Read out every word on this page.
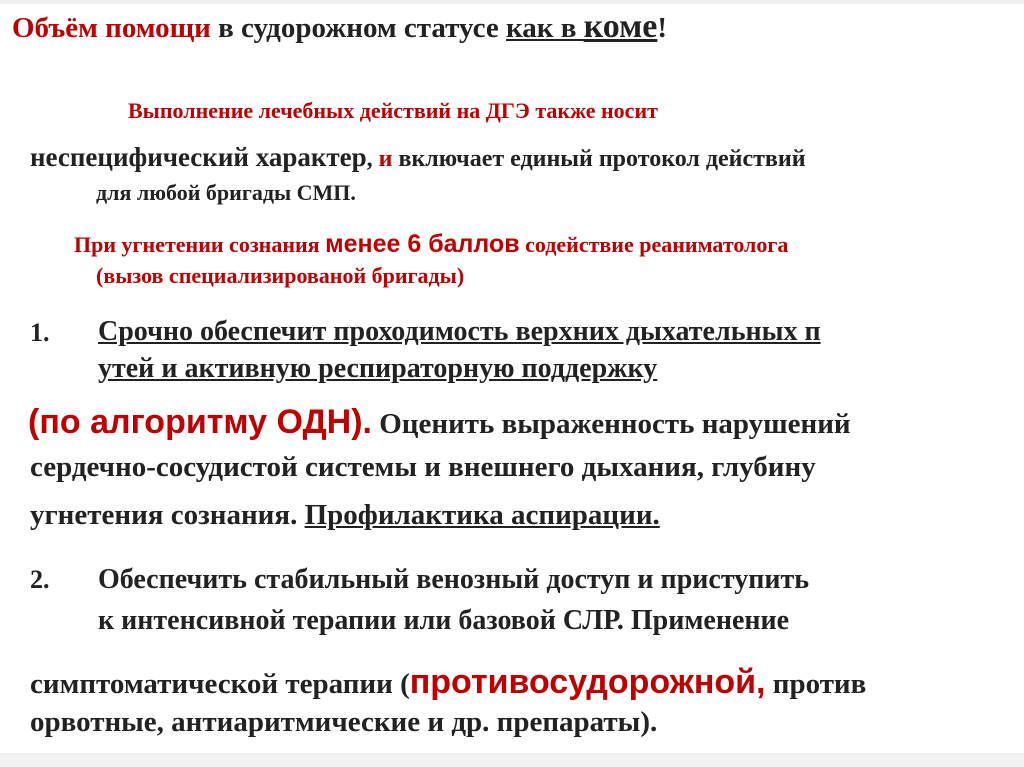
Объём помощи в судорожном статусе как в коме!
Выполнение лечебных действий на ДГЭ также носит
неспецифический характер, и включает единый протокол действий
для любой бригады СМП.
При угнетении сознания менее 6 баллов содействие реаниматолога
(вызов специализированой бригады)
1. Срочно обеспечит проходимость верхних дыхательных п
утей и активную респираторную поддержку
(по алгоритму ОДН). Оценить выраженность нарушений
сердечно-сосудистой системы и внешнего дыхания, глубину
угнетения сознания. Профилактика аспирации.
2. Обеспечить стабильный венозный доступ и приступить
к интенсивной терапии или базовой СЛР. Применение
симптоматической терапии (противосудорожной, против
орвотные, антиаритмические и др. препараты).
